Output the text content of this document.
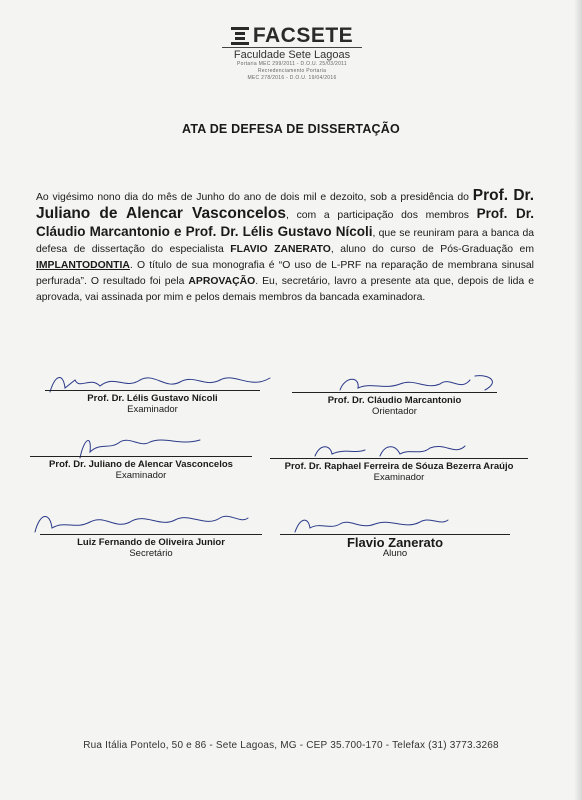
FACSETE
Faculdade Sete Lagoas
Portaria MEC 299/2011 - D.O.U. 25/03/2011
Recredenciamento Portaria
MEC 278/2016 - D.O.U. 19/04/2016
ATA DE DEFESA DE DISSERTAÇÃO
Ao vigésimo nono dia do mês de Junho do ano de dois mil e dezoito, sob a presidência do Prof. Dr. Juliano de Alencar Vasconcelos, com a participação dos membros Prof. Dr. Cláudio Marcantonio e Prof. Dr. Lélis Gustavo Nícoli, que se reuniram para a banca da defesa de dissertação do especialista FLAVIO ZANERATO, aluno do curso de Pós-Graduação em IMPLANTODONTIA. O título de sua monografia é “O uso de L-PRF na reparação de membrana sinusal perfurada”. O resultado foi pela APROVAÇÃO. Eu, secretário, lavro a presente ata que, depois de lida e aprovada, vai assinada por mim e pelos demais membros da bancada examinadora.
Prof. Dr. Lélis Gustavo Nícoli
Examinador
Prof. Dr. Cláudio Marcantonio
Orientador
Prof. Dr. Juliano de Alencar Vasconcelos
Examinador
Prof. Dr. Raphael Ferreira de Sóuza Bezerra Araújo
Examinador
Luiz Fernando de Oliveira Junior
Secretário
Flavio Zanerato
Aluno
Rua Itália Pontelo, 50 e 86 - Sete Lagoas, MG - CEP 35.700-170 - Telefax (31) 3773.3268
